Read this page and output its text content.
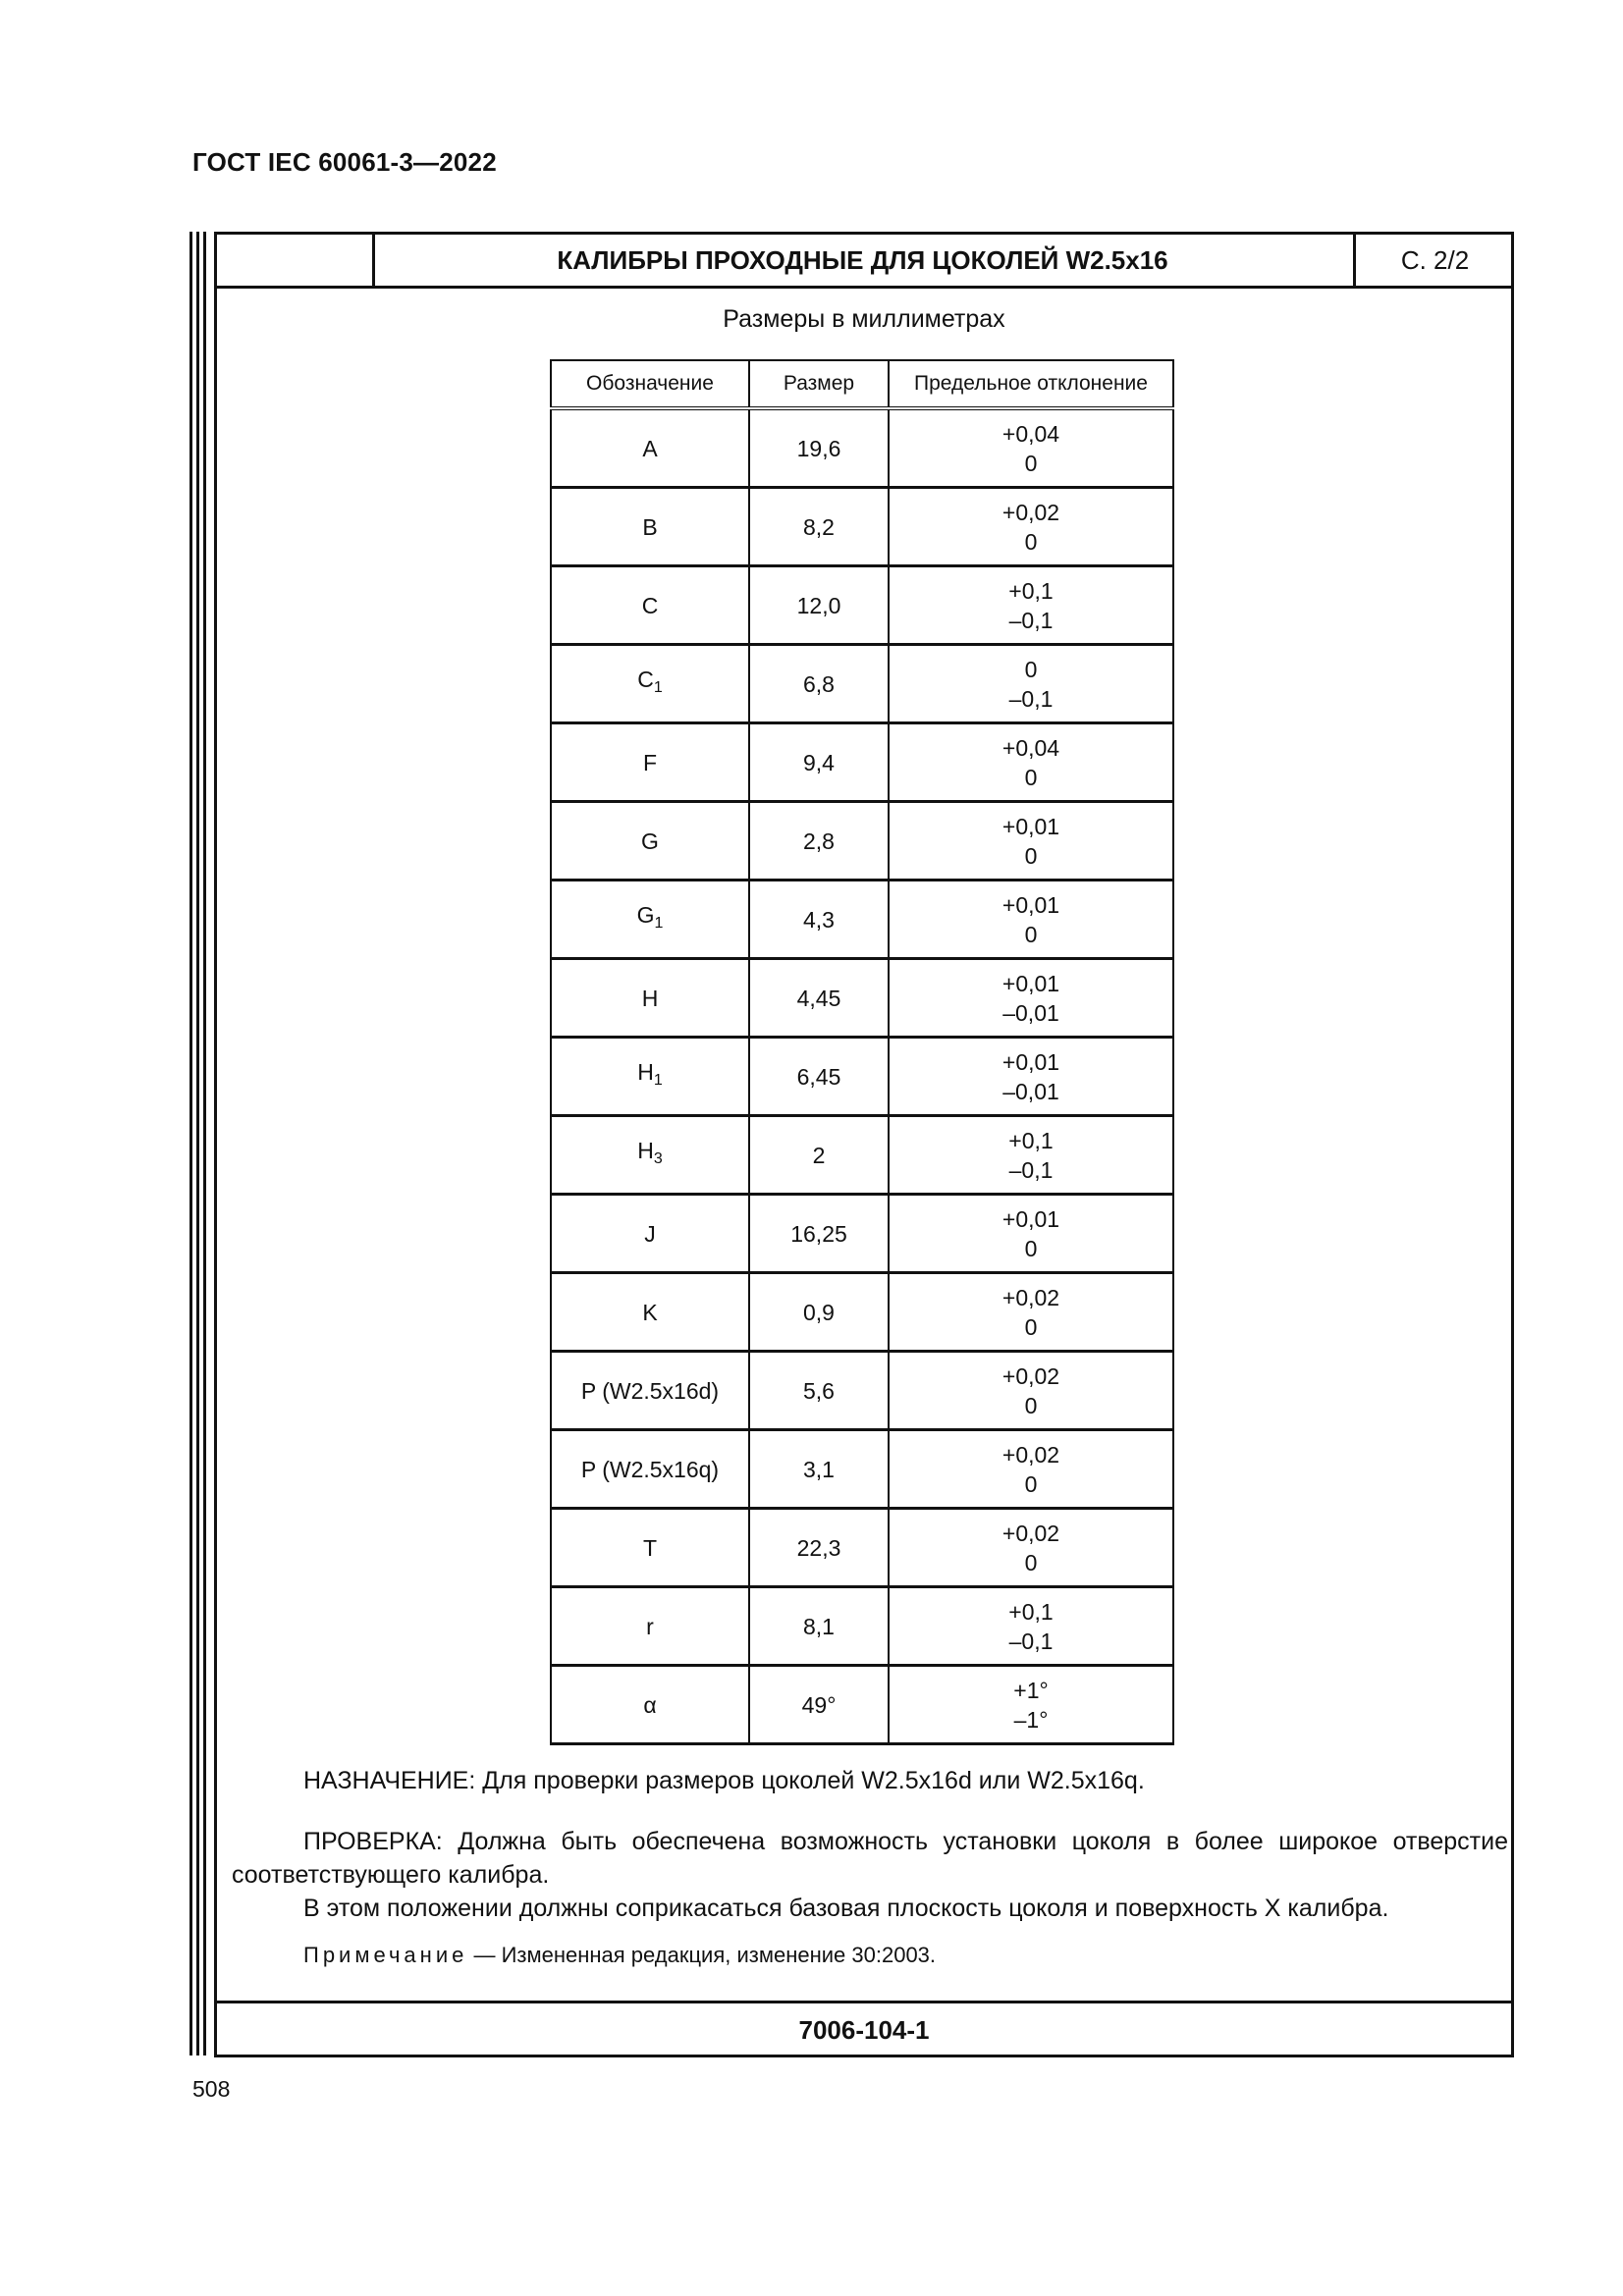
ГОСТ IEC 60061-3—2022
КАЛИБРЫ ПРОХОДНЫЕ ДЛЯ ЦОКОЛЕЙ W2.5x16	С. 2/2
Размеры в миллиметрах
Обозначение	Размер	Предельное отклонение
A	19,6	+0,04
0

B	8,2	+0,02
0

C	12,0	+0,1
–0,1

$C_1$	6,8	0
–0,1

F	9,4	+0,04
0

G	2,8	+0,01
0

$G_1$	4,3	+0,01
0

H	4,45	+0,01
–0,01

$H_1$	6,45	+0,01
–0,01

$H_3$	2	+0,1
–0,1

J	16,25	+0,01
0

K	0,9	+0,02
0

P (W2.5x16d)	5,6	+0,02
0

P (W2.5x16q)	3,1	+0,02
0

T	22,3	+0,02
0

r	8,1	+0,1
–0,1

α	49°	+1°
–1°
НАЗНАЧЕНИЕ: Для проверки размеров цоколей W2.5x16d или W2.5x16q.
ПРОВЕРКА: Должна быть обеспечена возможность установки цоколя в более широкое отверстие соответствующего калибра.
В этом положении должны соприкасаться базовая плоскость цоколя и поверхность X калибра.
Примечание — Измененная редакция, изменение 30:2003.
7006-104-1
508
